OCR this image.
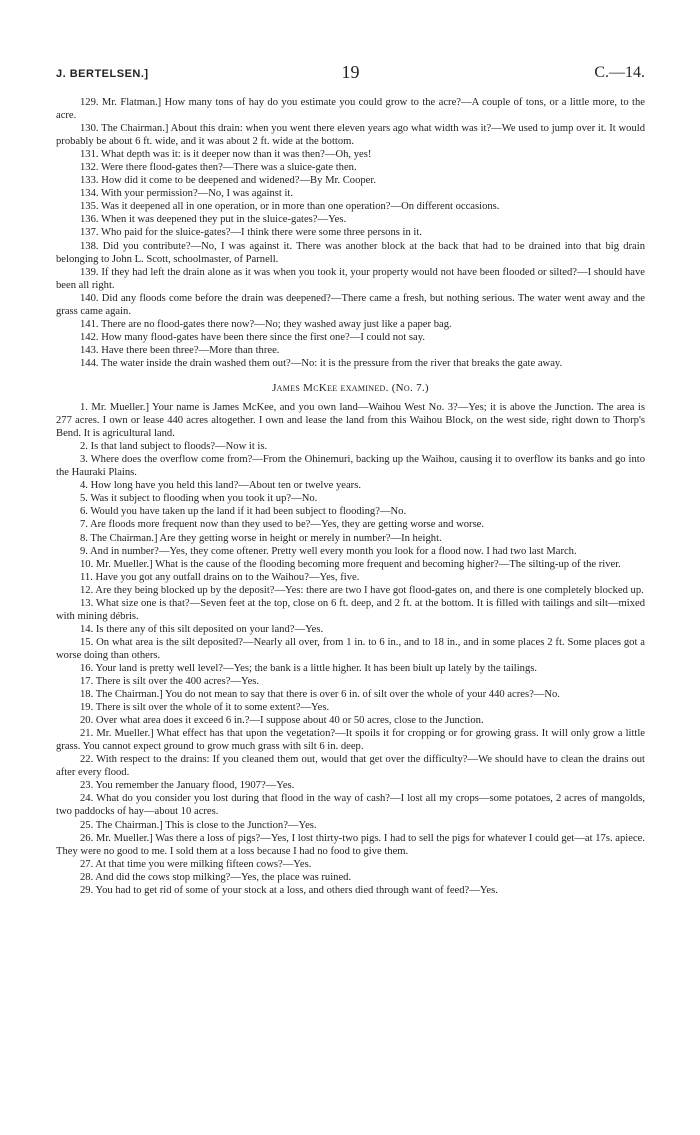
J. BERTELSEN.]	19	C.—14.

129. Mr. Flatman.] How many tons of hay do you estimate you could grow to the acre?—A couple of tons, or a little more, to the acre.

130. The Chairman.] About this drain: when you went there eleven years ago what width was it?—We used to jump over it. It would probably be about 6 ft. wide, and it was about 2 ft. wide at the bottom.

131. What depth was it: is it deeper now than it was then?—Oh, yes!

132. Were there flood-gates then?—There was a sluice-gate then.

133. How did it come to be deepened and widened?—By Mr. Cooper.

134. With your permission?—No, I was against it.

135. Was it deepened all in one operation, or in more than one operation?—On different occasions.

136. When it was deepened they put in the sluice-gates?—Yes.

137. Who paid for the sluice-gates?—I think there were some three persons in it.

138. Did you contribute?—No, I was against it. There was another block at the back that had to be drained into that big drain belonging to John L. Scott, schoolmaster, of Parnell.

139. If they had left the drain alone as it was when you took it, your property would not have been flooded or silted?—I should have been all right.

140. Did any floods come before the drain was deepened?—There came a fresh, but nothing serious. The water went away and the grass came again.

141. There are no flood-gates there now?—No; they washed away just like a paper bag.

142. How many flood-gates have been there since the first one?—I could not say.

143. Have there been three?—More than three.

144. The water inside the drain washed them out?—No: it is the pressure from the river that breaks the gate away.

James McKee examined. (No. 7.)

1. Mr. Mueller.] Your name is James McKee, and you own land—Waihou West No. 3?—Yes; it is above the Junction. The area is 277 acres. I own or lease 440 acres altogether. I own and lease the land from this Waihou Block, on the west side, right down to Thorp's Bend. It is agricultural land.

2. Is that land subject to floods?—Now it is.

3. Where does the overflow come from?—From the Ohinemuri, backing up the Waihou, causing it to overflow its banks and go into the Hauraki Plains.

4. How long have you held this land?—About ten or twelve years.

5. Was it subject to flooding when you took it up?—No.

6. Would you have taken up the land if it had been subject to flooding?—No.

7. Are floods more frequent now than they used to be?—Yes, they are getting worse and worse.

8. The Chairman.] Are they getting worse in height or merely in number?—In height.

9. And in number?—Yes, they come oftener. Pretty well every month you look for a flood now. I had two last March.

10. Mr. Mueller.] What is the cause of the flooding becoming more frequent and becoming higher?—The silting-up of the river.

11. Have you got any outfall drains on to the Waihou?—Yes, five.

12. Are they being blocked up by the deposit?—Yes: there are two I have got flood-gates on, and there is one completely blocked up.

13. What size one is that?—Seven feet at the top, close on 6 ft. deep, and 2 ft. at the bottom. It is filled with tailings and silt—mixed with mining débris.

14. Is there any of this silt deposited on your land?—Yes.

15. On what area is the silt deposited?—Nearly all over, from 1 in. to 6 in., and to 18 in., and in some places 2 ft. Some places got a worse doing than others.

16. Your land is pretty well level?—Yes; the bank is a little higher. It has been biult up lately by the tailings.

17. There is silt over the 400 acres?—Yes.

18. The Chairman.] You do not mean to say that there is over 6 in. of silt over the whole of your 440 acres?—No.

19. There is silt over the whole of it to some extent?—Yes.

20. Over what area does it exceed 6 in.?—I suppose about 40 or 50 acres, close to the Junction.

21. Mr. Mueller.] What effect has that upon the vegetation?—It spoils it for cropping or for growing grass. It will only grow a little grass. You cannot expect ground to grow much grass with silt 6 in. deep.

22. With respect to the drains: If you cleaned them out, would that get over the difficulty?—We should have to clean the drains out after every flood.

23. You remember the January flood, 1907?—Yes.

24. What do you consider you lost during that flood in the way of cash?—I lost all my crops—some potatoes, 2 acres of mangolds, two paddocks of hay—about 10 acres.

25. The Chairman.] This is close to the Junction?—Yes.

26. Mr. Mueller.] Was there a loss of pigs?—Yes, I lost thirty-two pigs. I had to sell the pigs for whatever I could get—at 17s. apiece. They were no good to me. I sold them at a loss because I had no food to give them.

27. At that time you were milking fifteen cows?—Yes.

28. And did the cows stop milking?—Yes, the place was ruined.

29. You had to get rid of some of your stock at a loss, and others died through want of feed?—Yes.
